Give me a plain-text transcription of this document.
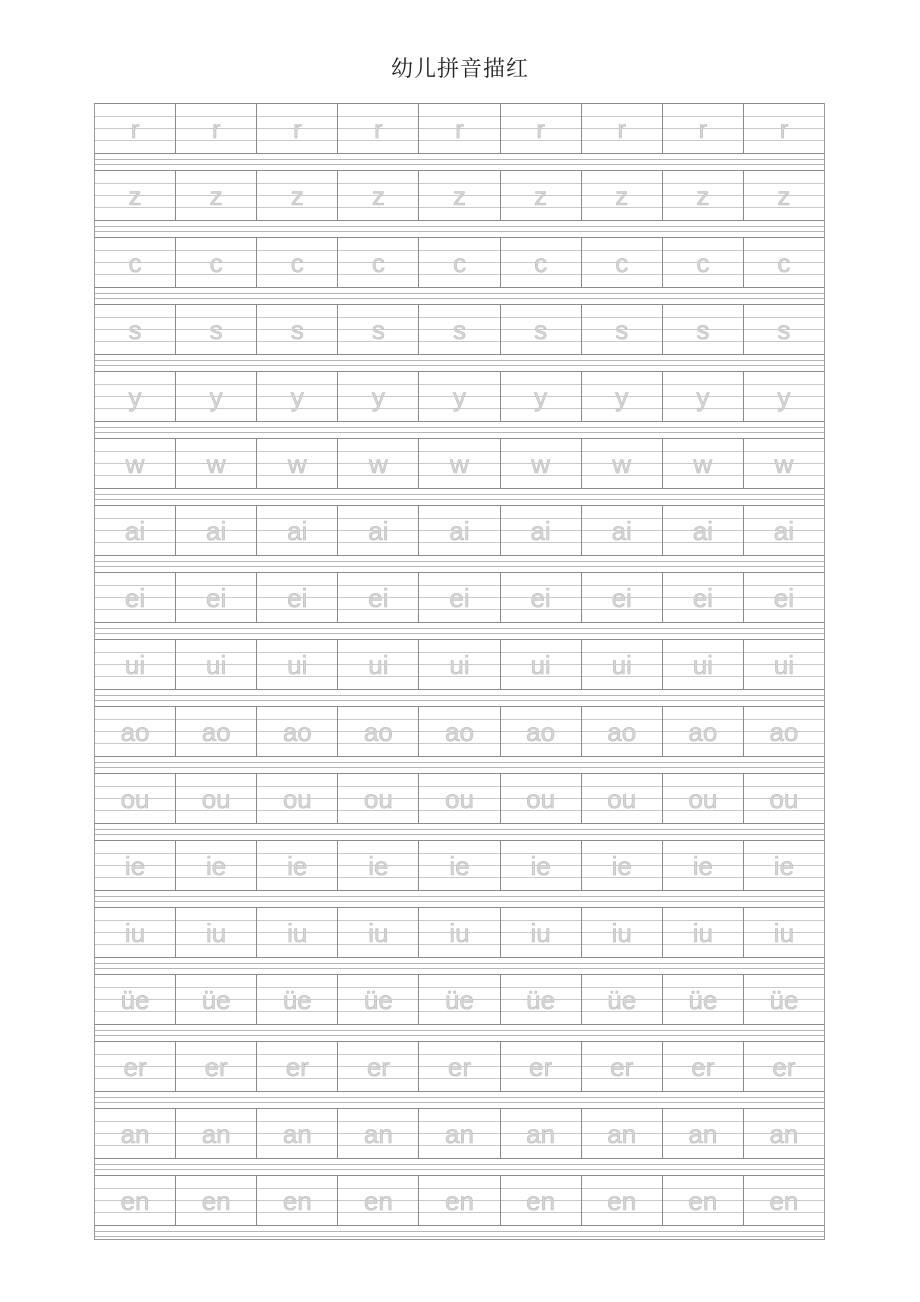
幼儿拼音描红
r	r	r	r	r	r	r	r	r
z	z	z	z	z	z	z	z	z
c	c	c	c	c	c	c	c	c
s	s	s	s	s	s	s	s	s
y	y	y	y	y	y	y	y	y
w	w	w	w	w	w	w	w	w
ai	ai	ai	ai	ai	ai	ai	ai	ai
ei	ei	ei	ei	ei	ei	ei	ei	ei
ui	ui	ui	ui	ui	ui	ui	ui	ui
ao	ao	ao	ao	ao	ao	ao	ao	ao
ou	ou	ou	ou	ou	ou	ou	ou	ou
ie	ie	ie	ie	ie	ie	ie	ie	ie
iu	iu	iu	iu	iu	iu	iu	iu	iu
üe	üe	üe	üe	üe	üe	üe	üe	üe
er	er	er	er	er	er	er	er	er
an	an	an	an	an	an	an	an	an
en	en	en	en	en	en	en	en	en
